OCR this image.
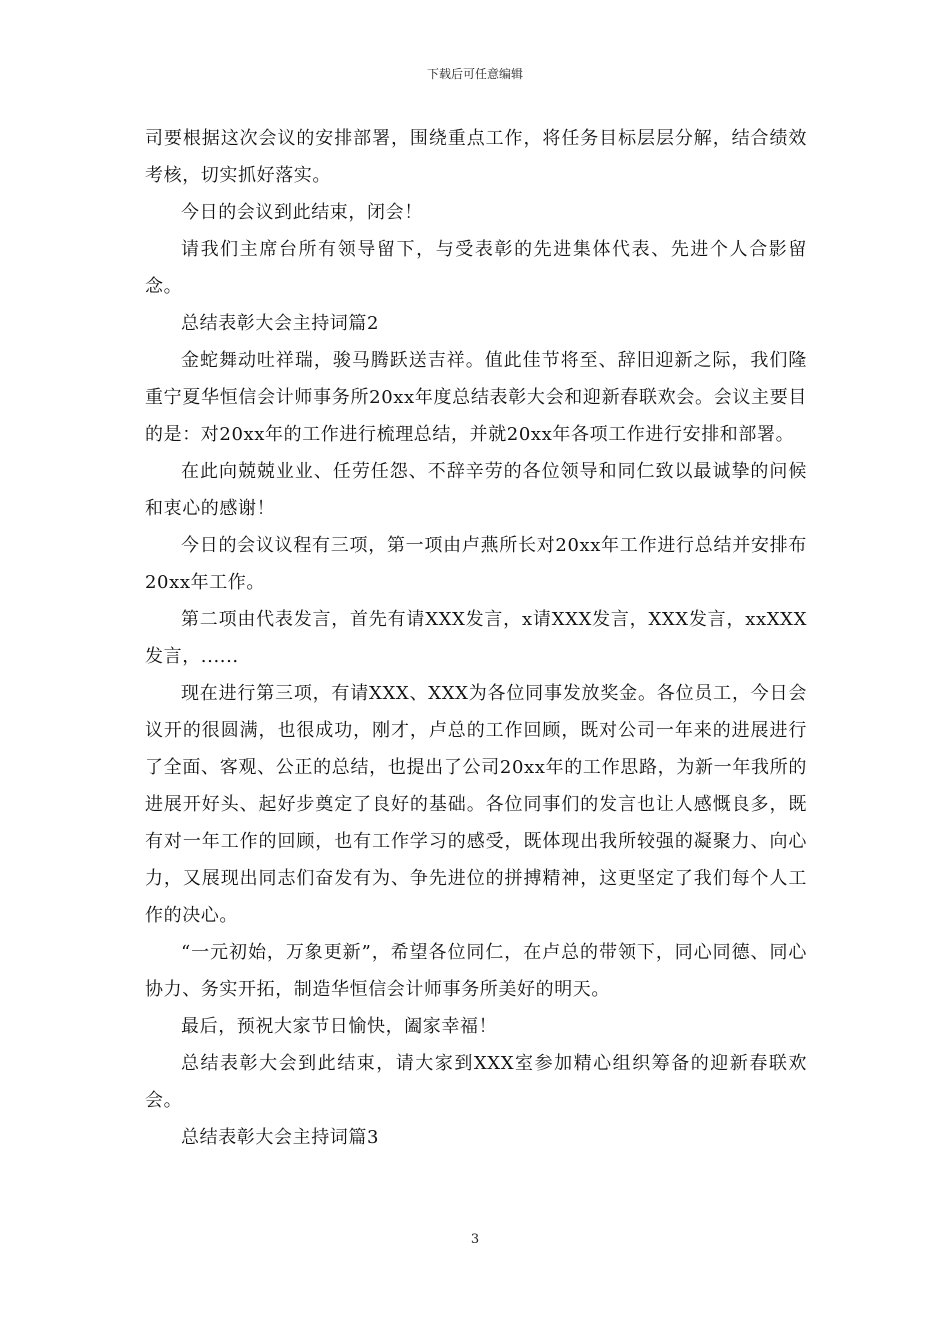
下载后可任意编辑

司要根据这次会议的安排部署，围绕重点工作，将任务目标层层分解，结合绩效考核，切实抓好落实。

今日的会议到此结束，闭会！

请我们主席台所有领导留下，与受表彰的先进集体代表、先进个人合影留念。

总结表彰大会主持词篇2

金蛇舞动吐祥瑞，骏马腾跃送吉祥。值此佳节将至、辞旧迎新之际，我们隆重宁夏华恒信会计师事务所20xx年度总结表彰大会和迎新春联欢会。会议主要目的是：对20xx年的工作进行梳理总结，并就20xx年各项工作进行安排和部署。

在此向兢兢业业、任劳任怨、不辞辛劳的各位领导和同仁致以最诚挚的问候和衷心的感谢！

今日的会议议程有三项，第一项由卢燕所长对20xx年工作进行总结并安排布20xx年工作。

第二项由代表发言，首先有请XXX发言，x请XXX发言，XXX发言，xxXXX发言，......

现在进行第三项，有请XXX、XXX为各位同事发放奖金。各位员工，今日会议开的很圆满，也很成功，刚才，卢总的工作回顾，既对公司一年来的进展进行了全面、客观、公正的总结，也提出了公司20xx年的工作思路，为新一年我所的进展开好头、起好步奠定了良好的基础。各位同事们的发言也让人感慨良多，既有对一年工作的回顾，也有工作学习的感受，既体现出我所较强的凝聚力、向心力，又展现出同志们奋发有为、争先进位的拼搏精神，这更坚定了我们每个人工作的决心。

“一元初始，万象更新”，希望各位同仁，在卢总的带领下，同心同德、同心协力、务实开拓，制造华恒信会计师事务所美好的明天。

最后，预祝大家节日愉快，阖家幸福！

总结表彰大会到此结束，请大家到XXX室参加精心组织筹备的迎新春联欢会。

总结表彰大会主持词篇3

3
